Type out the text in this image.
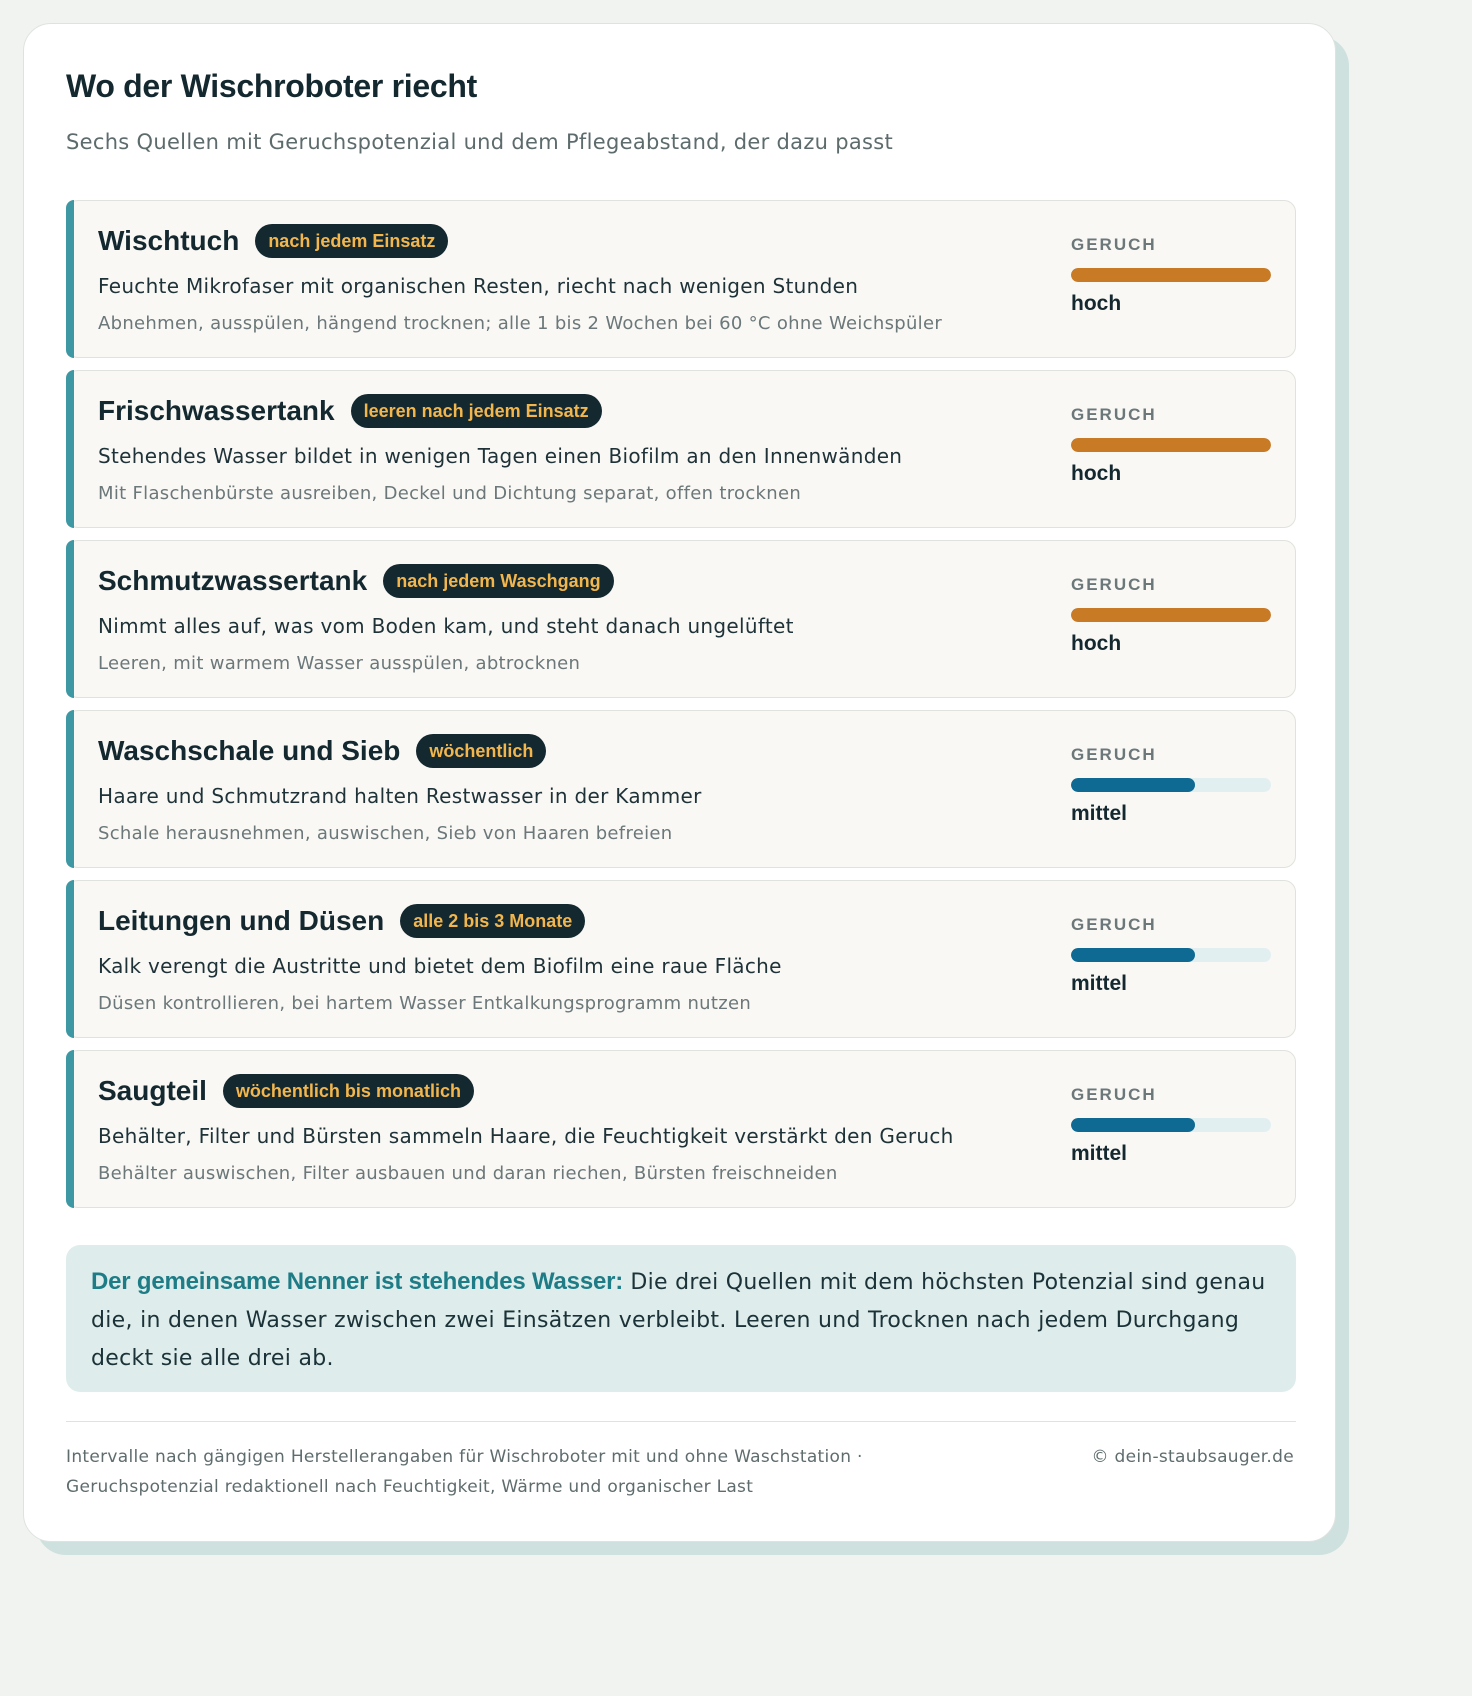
Wo der Wischroboter riecht

Sechs Quellen mit Geruchspotenzial und dem Pflegeabstand, der dazu passt

Wischtuch	nach jedem Einsatz
Feuchte Mikrofaser mit organischen Resten, riecht nach wenigen Stunden
Abnehmen, ausspülen, hängend trocknen; alle 1 bis 2 Wochen bei 60 °C ohne Weichspüler
GERUCH
hoch
Frischwassertank	leeren nach jedem Einsatz
Stehendes Wasser bildet in wenigen Tagen einen Biofilm an den Innenwänden
Mit Flaschenbürste ausreiben, Deckel und Dichtung separat, offen trocknen
GERUCH
hoch
Schmutzwassertank	nach jedem Waschgang
Nimmt alles auf, was vom Boden kam, und steht danach ungelüftet
Leeren, mit warmem Wasser ausspülen, abtrocknen
GERUCH
hoch
Waschschale und Sieb	wöchentlich
Haare und Schmutzrand halten Restwasser in der Kammer
Schale herausnehmen, auswischen, Sieb von Haaren befreien
GERUCH
mittel
Leitungen und Düsen	alle 2 bis 3 Monate
Kalk verengt die Austritte und bietet dem Biofilm eine raue Fläche
Düsen kontrollieren, bei hartem Wasser Entkalkungsprogramm nutzen
GERUCH
mittel
Saugteil	wöchentlich bis monatlich
Behälter, Filter und Bürsten sammeln Haare, die Feuchtigkeit verstärkt den Geruch
Behälter auswischen, Filter ausbauen und daran riechen, Bürsten freischneiden
GERUCH
mittel
Der gemeinsame Nenner ist stehendes Wasser: Die drei Quellen mit dem höchsten Potenzial sind genau die, in denen Wasser zwischen zwei Einsätzen verbleibt. Leeren und Trocknen nach jedem Durchgang deckt sie alle drei ab.
Intervalle nach gängigen Herstellerangaben für Wischroboter mit und ohne Waschstation ·
Geruchspotenzial redaktionell nach Feuchtigkeit, Wärme und organischer Last
© dein-staubsauger.de
